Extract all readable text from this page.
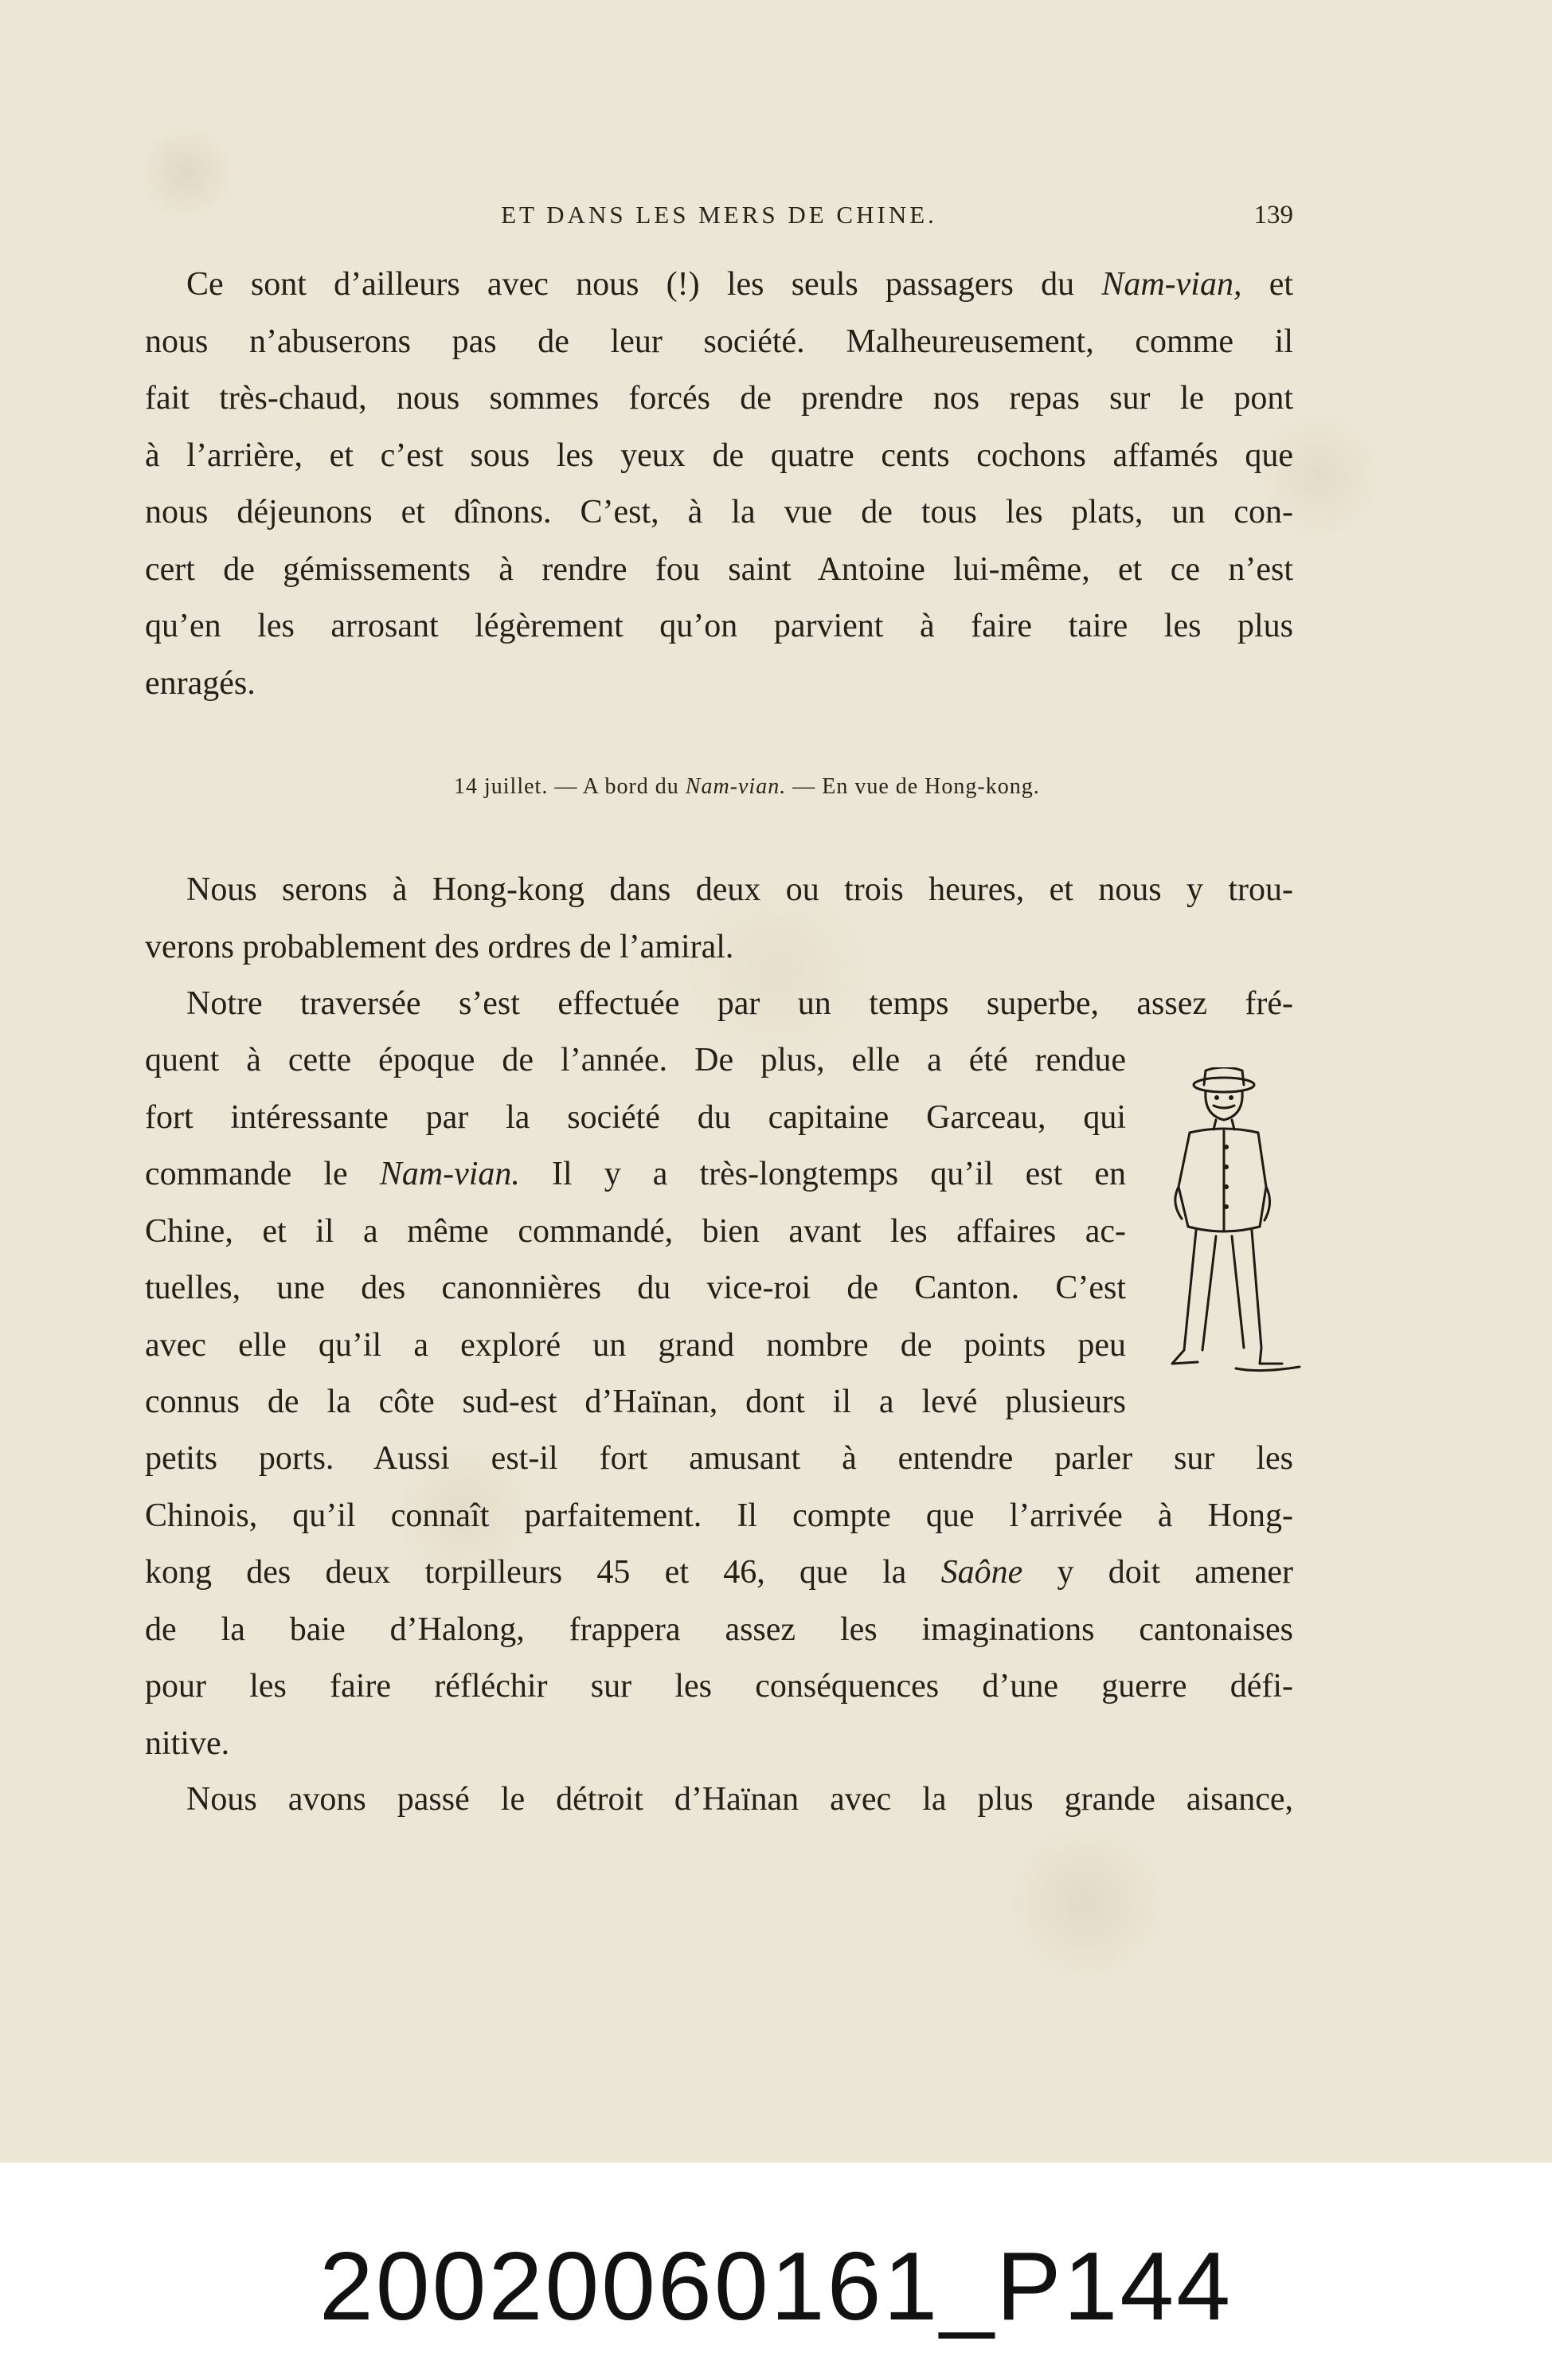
ET DANS LES MERS DE CHINE.	139
Ce sont d’ailleurs avec nous (!) les seuls passagers du Nam-vian, et
nous n’abuserons pas de leur société. Malheureusement, comme il
fait très-chaud, nous sommes forcés de prendre nos repas sur le pont
à l’arrière, et c’est sous les yeux de quatre cents cochons affamés que
nous déjeunons et dînons. C’est, à la vue de tous les plats, un con-
cert de gémissements à rendre fou saint Antoine lui-même, et ce n’est
qu’en les arrosant légèrement qu’on parvient à faire taire les plus
enragés.
14 juillet. — A bord du Nam-vian. — En vue de Hong-kong.
Nous serons à Hong-kong dans deux ou trois heures, et nous y trou-
verons probablement des ordres de l’amiral.
Notre traversée s’est effectuée par un temps superbe, assez fré-
quent à cette époque de l’année. De plus, elle a été rendue
fort intéressante par la société du capitaine Garceau, qui
commande le Nam-vian. Il y a très-longtemps qu’il est en
Chine, et il a même commandé, bien avant les affaires ac-
tuelles, une des canonnières du vice-roi de Canton. C’est
avec elle qu’il a exploré un grand nombre de points peu
connus de la côte sud-est d’Haïnan, dont il a levé plusieurs
petits ports. Aussi est-il fort amusant à entendre parler sur les
Chinois, qu’il connaît parfaitement. Il compte que l’arrivée à Hong-
kong des deux torpilleurs 45 et 46, que la Saône y doit amener
de la baie d’Halong, frappera assez les imaginations cantonaises
pour les faire réfléchir sur les conséquences d’une guerre défi-
nitive.
Nous avons passé le détroit d’Haïnan avec la plus grande aisance,
20020060161_P144
